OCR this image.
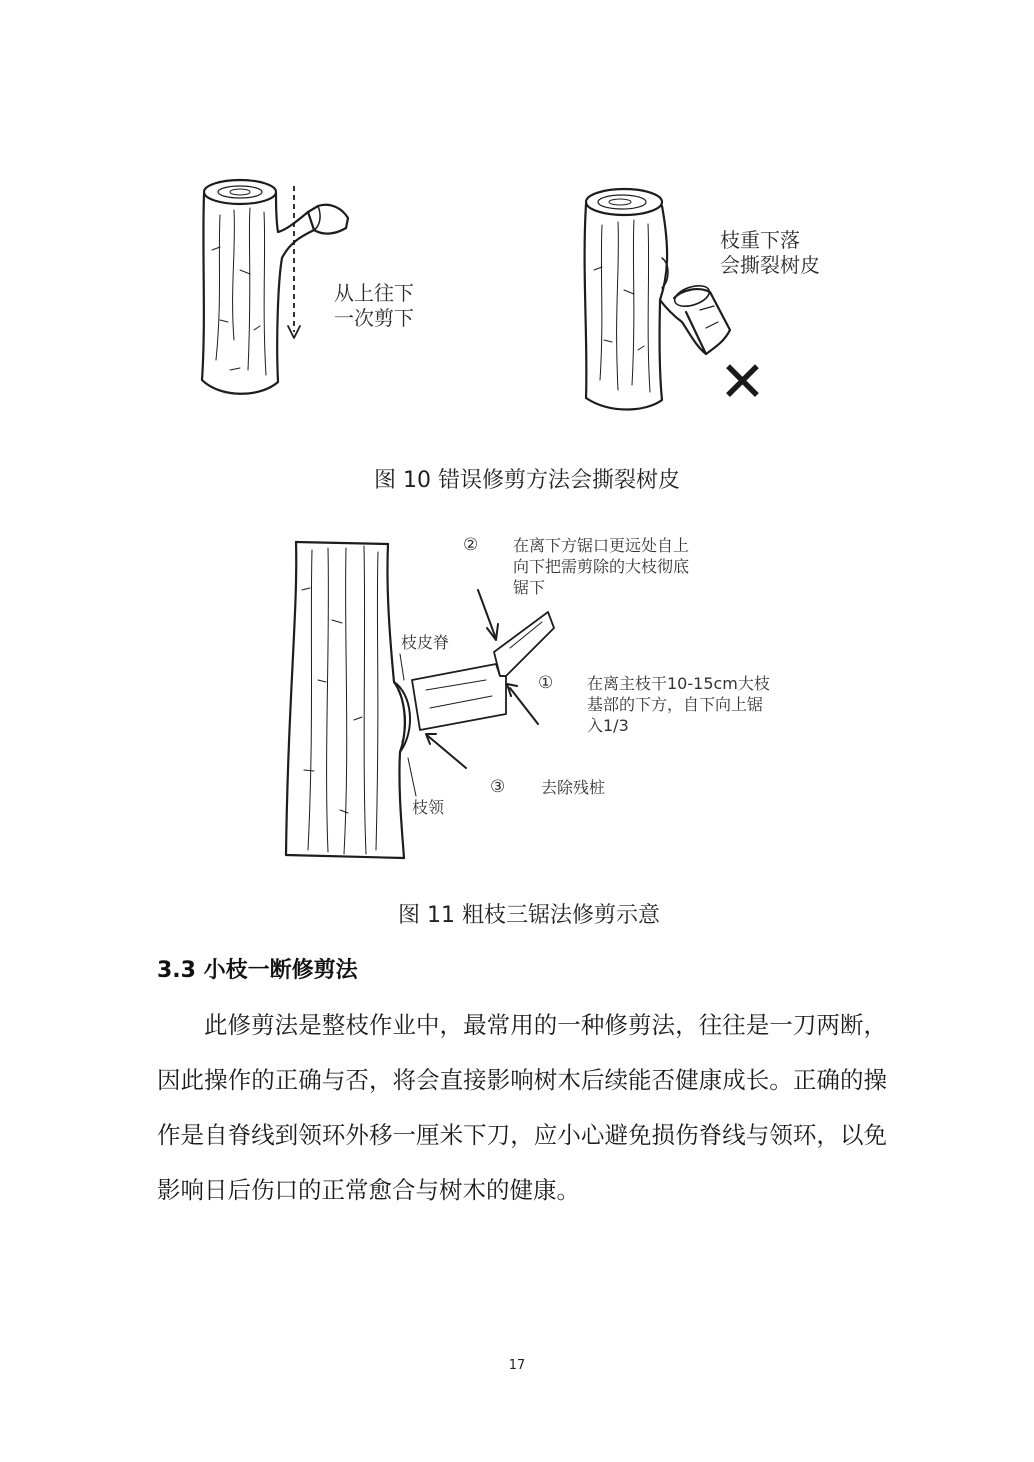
从上往下
一次剪下
枝重下落
会撕裂树皮
✕
图 10 错误修剪方法会撕裂树皮
枝皮脊
枝领
② 在离下方锯口更远处自上
向下把需剪除的大枝彻底
锯下
① 在离主枝干10-15cm大枝
基部的下方，自下向上锯
入1/3
③ 去除残桩
图 11 粗枝三锯法修剪示意
3.3 小枝一断修剪法

此修剪法是整枝作业中，最常用的一种修剪法，往往是一刀两断，因此操作的正确与否，将会直接影响树木后续能否健康成长。正确的操作是自脊线到领环外移一厘米下刀，应小心避免损伤脊线与领环，以免影响日后伤口的正常愈合与树木的健康。

17
